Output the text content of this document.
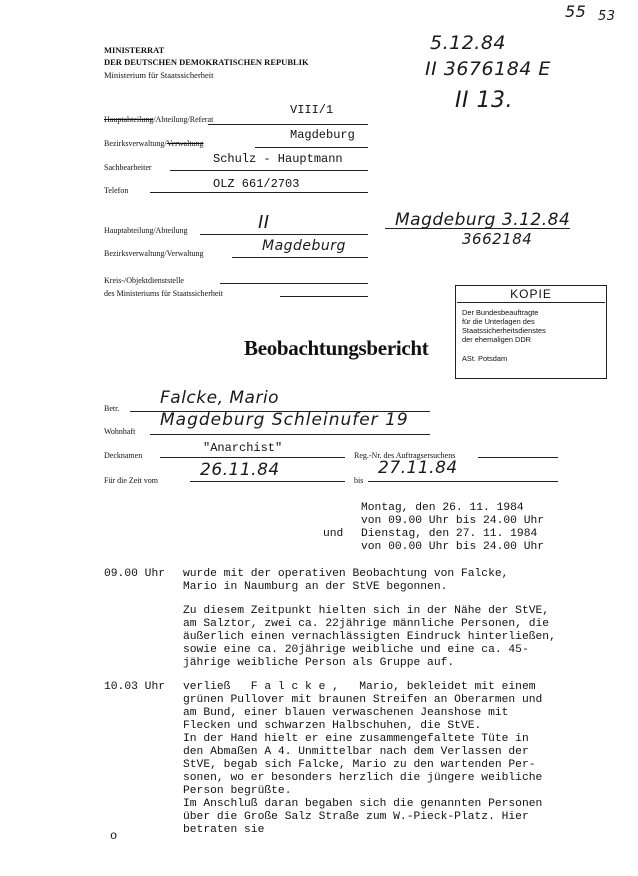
55 53
5.12.84
II 3676184 E
II 13.
MINISTERRAT
DER DEUTSCHEN DEMOKRATISCHEN REPUBLIK
Ministerium für Staatssicherheit
Hauptabteilung/Abteilung/Referat
VIII/1
Bezirksverwaltung/Verwaltung
Magdeburg
Sachbearbeiter
Schulz - Hauptmann
Telefon	OLZ 661/2703
Hauptabteilung/Abteilung	II	Magdeburg 3.12.84
3662184
Bezirksverwaltung/Verwaltung	Magdeburg
Kreis-/Objektdienststelle
des Ministeriums für Staatssicherheit	KOPIE
Der Bundesbeauftragte
für die Unterlagen des
Staatssicherheitsdienstes
der ehemaligen DDR
ASt. Potsdam
Beobachtungsbericht
Betr.
Falcke, Mario
Wohnhaft
Magdeburg Schleinufer 19
Decknamen
"Anarchist"
Reg.-Nr. des Auftragsersuchens
Für die Zeit vom
26.11.84
bis
27.11.84
Montag, den 26. 11. 1984
von 09.00 Uhr bis 24.00 Uhr
und Dienstag, den 27. 11. 1984
von 00.00 Uhr bis 24.00 Uhr
09.00 Uhr wurde mit der operativen Beobachtung von Falcke,
Mario in Naumburg an der StVE begonnen.
Zu diesem Zeitpunkt hielten sich in der Nähe der StVE,
am Salztor, zwei ca. 22jährige männliche Personen, die
äußerlich einen vernachlässigten Eindruck hinterließen,
sowie eine ca. 20jährige weibliche und eine ca. 45-
jährige weibliche Person als Gruppe auf.
10.03 Uhr verließ   F a l c k e ,   Mario, bekleidet mit einem
grünen Pullover mit braunen Streifen an Oberarmen und
am Bund, einer blauen verwaschenen Jeanshose mit
Flecken und schwarzen Halbschuhen, die StVE.
In der Hand hielt er eine zusammengefaltete Tüte in
den Abmaßen A 4. Unmittelbar nach dem Verlassen der
StVE, begab sich Falcke, Mario zu den wartenden Per-
sonen, wo er besonders herzlich die jüngere weibliche
Person begrüßte.
Im Anschluß daran begaben sich die genannten Personen
über die Große Salz Straße zum W.-Pieck-Platz. Hier
betraten sie
o
